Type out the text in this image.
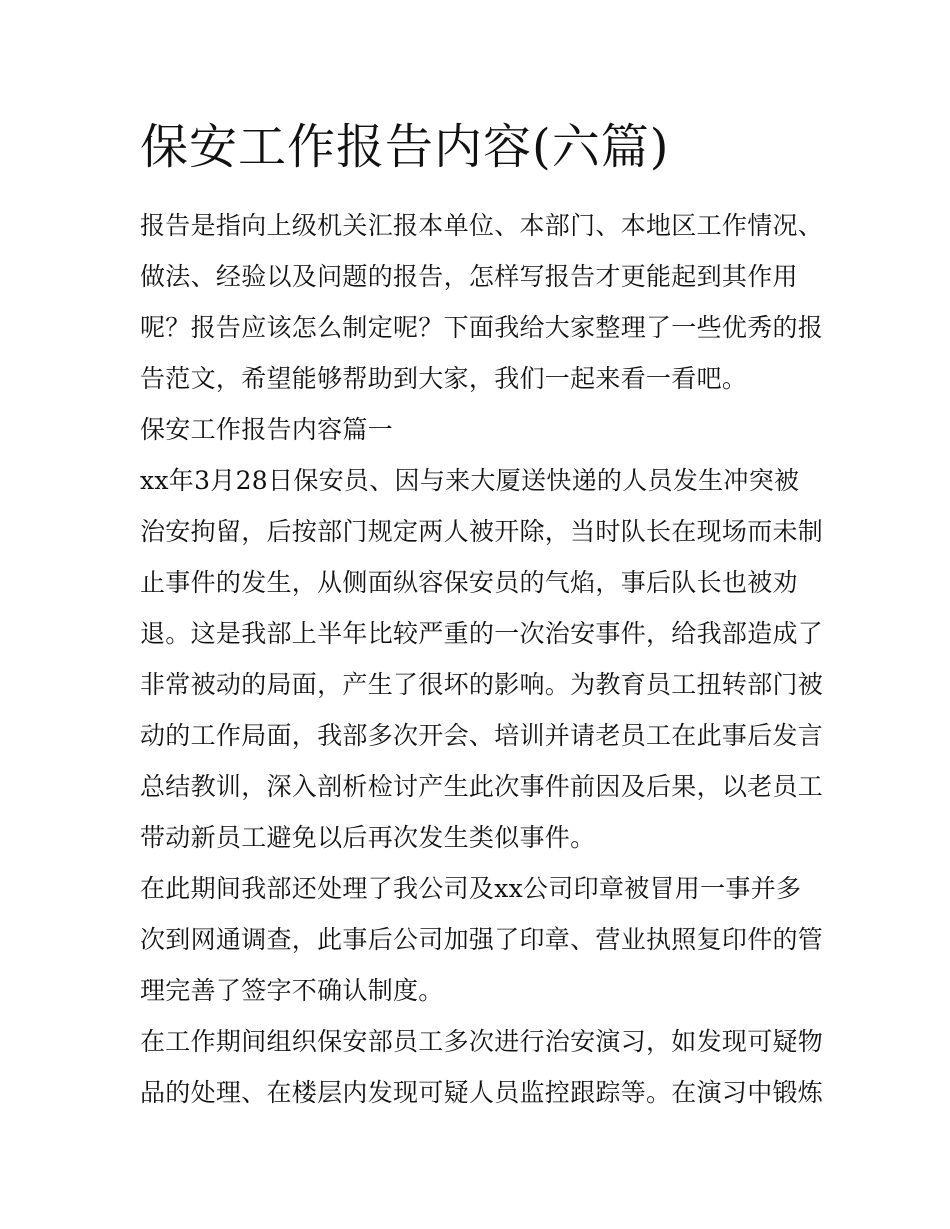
保安工作报告内容(六篇)
报告是指向上级机关汇报本单位、本部门、本地区工作情况、
做法、经验以及问题的报告，怎样写报告才更能起到其作用
呢？报告应该怎么制定呢？下面我给大家整理了一些优秀的报
告范文，希望能够帮助到大家，我们一起来看一看吧。
保安工作报告内容篇一
xx年3月28日保安员、因与来大厦送快递的人员发生冲突被
治安拘留，后按部门规定两人被开除，当时队长在现场而未制
止事件的发生，从侧面纵容保安员的气焰，事后队长也被劝
退。这是我部上半年比较严重的一次治安事件，给我部造成了
非常被动的局面，产生了很坏的影响。为教育员工扭转部门被
动的工作局面，我部多次开会、培训并请老员工在此事后发言
总结教训，深入剖析检讨产生此次事件前因及后果，以老员工
带动新员工避免以后再次发生类似事件。
在此期间我部还处理了我公司及xx公司印章被冒用一事并多
次到网通调查，此事后公司加强了印章、营业执照复印件的管
理完善了签字不确认制度。
在工作期间组织保安部员工多次进行治安演习，如发现可疑物
品的处理、在楼层内发现可疑人员监控跟踪等。在演习中锻炼
